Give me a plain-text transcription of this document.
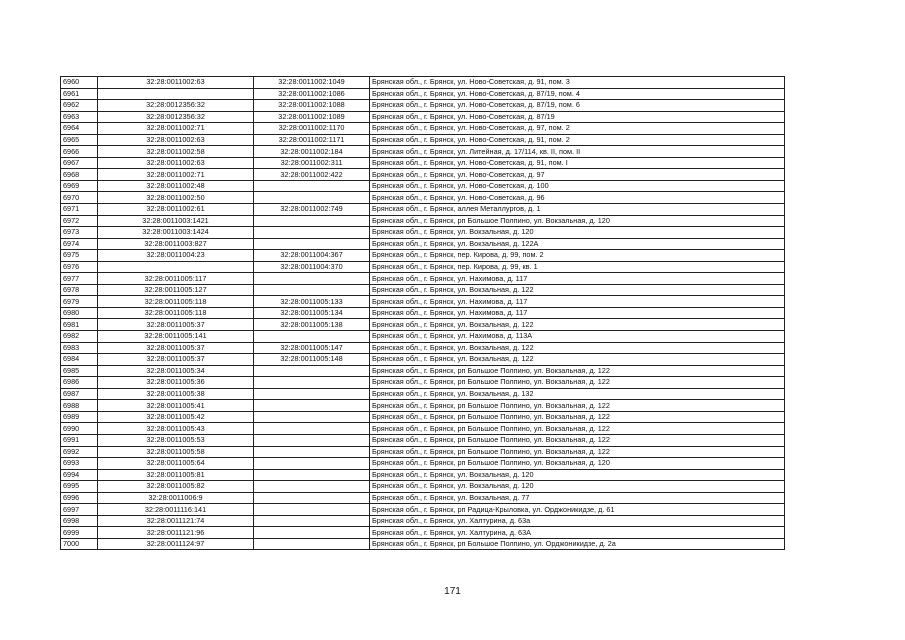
6960	32:28:0011002:63	32:28:0011002:1049	Брянская обл., г. Брянск, ул. Ново-Советская, д. 91, пом. 3
6961		32:28:0011002:1086	Брянская обл., г. Брянск, ул. Ново-Советская, д. 87/19, пом. 4
6962	32:28:0012356:32	32:28:0011002:1088	Брянская обл., г. Брянск, ул. Ново-Советская, д. 87/19, пом. 6
6963	32:28:0012356:32	32:28:0011002:1089	Брянская обл., г. Брянск, ул. Ново-Советская, д. 87/19
6964	32:28:0011002:71	32:28:0011002:1170	Брянская обл., г. Брянск, ул. Ново-Советская, д. 97, пом. 2
6965	32:28:0011002:63	32:28:0011002:1171	Брянская обл., г. Брянск, ул. Ново-Советская, д. 91, пом. 2
6966	32:28:0011002:58	32:28:0011002:184	Брянская обл., г. Брянск, ул. Литейная, д. 17/114, кв. II, пом. II
6967	32:28:0011002:63	32:28:0011002:311	Брянская обл., г. Брянск, ул. Ново-Советская, д. 91, пом. I
6968	32:28:0011002:71	32:28:0011002:422	Брянская обл., г. Брянск, ул. Ново-Советская, д. 97
6969	32:28:0011002:48		Брянская обл., г. Брянск, ул. Ново-Советская, д. 100
6970	32:28:0011002:50		Брянская обл., г. Брянск, ул. Ново-Советская, д. 96
6971	32:28:0011002:61	32:28:0011002:749	Брянская обл., г. Брянск, аллея Металлургов, д. 1
6972	32:28:0011003:1421		Брянская обл., г. Брянск, рп Большое Полпино, ул. Вокзальная, д. 120
6973	32:28:0011003:1424		Брянская обл., г. Брянск, ул. Вокзальная, д. 120
6974	32:28:0011003:827		Брянская обл., г. Брянск, ул. Вокзальная, д. 122А
6975	32:28:0011004:23	32:28:0011004:367	Брянская обл., г. Брянск, пер. Кирова, д. 99, пом. 2
6976		32:28:0011004:370	Брянская обл., г. Брянск, пер. Кирова, д. 99, кв. 1
6977	32:28:0011005:117		Брянская обл., г. Брянск, ул. Нахимова, д. 117
6978	32:28:0011005:127		Брянская обл., г. Брянск, ул. Вокзальная, д. 122
6979	32:28:0011005:118	32:28:0011005:133	Брянская обл., г. Брянск, ул. Нахимова, д. 117
6980	32:28:0011005:118	32:28:0011005:134	Брянская обл., г. Брянск, ул. Нахимова, д. 117
6981	32:28:0011005:37	32:28:0011005:138	Брянская обл., г. Брянск, ул. Вокзальная, д. 122
6982	32:28:0011005:141		Брянская обл., г. Брянск, ул. Нахимова, д. 113А
6983	32:28:0011005:37	32:28:0011005:147	Брянская обл., г. Брянск, ул. Вокзальная, д. 122
6984	32:28:0011005:37	32:28:0011005:148	Брянская обл., г. Брянск, ул. Вокзальная, д. 122
6985	32:28:0011005:34		Брянская обл., г. Брянск, рп Большое Полпино, ул. Вокзальная, д. 122
6986	32:28:0011005:36		Брянская обл., г. Брянск, рп Большое Полпино, ул. Вокзальная, д. 122
6987	32:28:0011005:38		Брянская обл., г. Брянск, ул. Вокзальная, д. 132
6988	32:28:0011005:41		Брянская обл., г. Брянск, рп Большое Полпино, ул. Вокзальная, д. 122
6989	32:28:0011005:42		Брянская обл., г. Брянск, рп Большое Полпино, ул. Вокзальная, д. 122
6990	32:28:0011005:43		Брянская обл., г. Брянск, рп Большое Полпино, ул. Вокзальная, д. 122
6991	32:28:0011005:53		Брянская обл., г. Брянск, рп Большое Полпино, ул. Вокзальная, д. 122
6992	32:28:0011005:58		Брянская обл., г. Брянск, рп Большое Полпино, ул. Вокзальная, д. 122
6993	32:28:0011005:64		Брянская обл., г. Брянск, рп Большое Полпино, ул. Вокзальная, д. 120
6994	32:28:0011005:81		Брянская обл., г. Брянск, ул. Вокзальная, д. 120
6995	32:28:0011005:82		Брянская обл., г. Брянск, ул. Вокзальная, д. 120
6996	32:28:0011006:9		Брянская обл., г. Брянск, ул. Вокзальная, д. 77
6997	32:28:0011116:141		Брянская обл., г. Брянск, рп Радица-Крыловка, ул. Орджоникидзе, д. 61
6998	32:28:0011121:74		Брянская обл., г. Брянск, ул. Халтурина, д. 63а
6999	32:28:0011121:96		Брянская обл., г. Брянск, ул. Халтурина, д. 63А
7000	32:28:0011124:97		Брянская обл., г. Брянск, рп Большое Полпино, ул. Орджоникидзе, д. 2а
171
